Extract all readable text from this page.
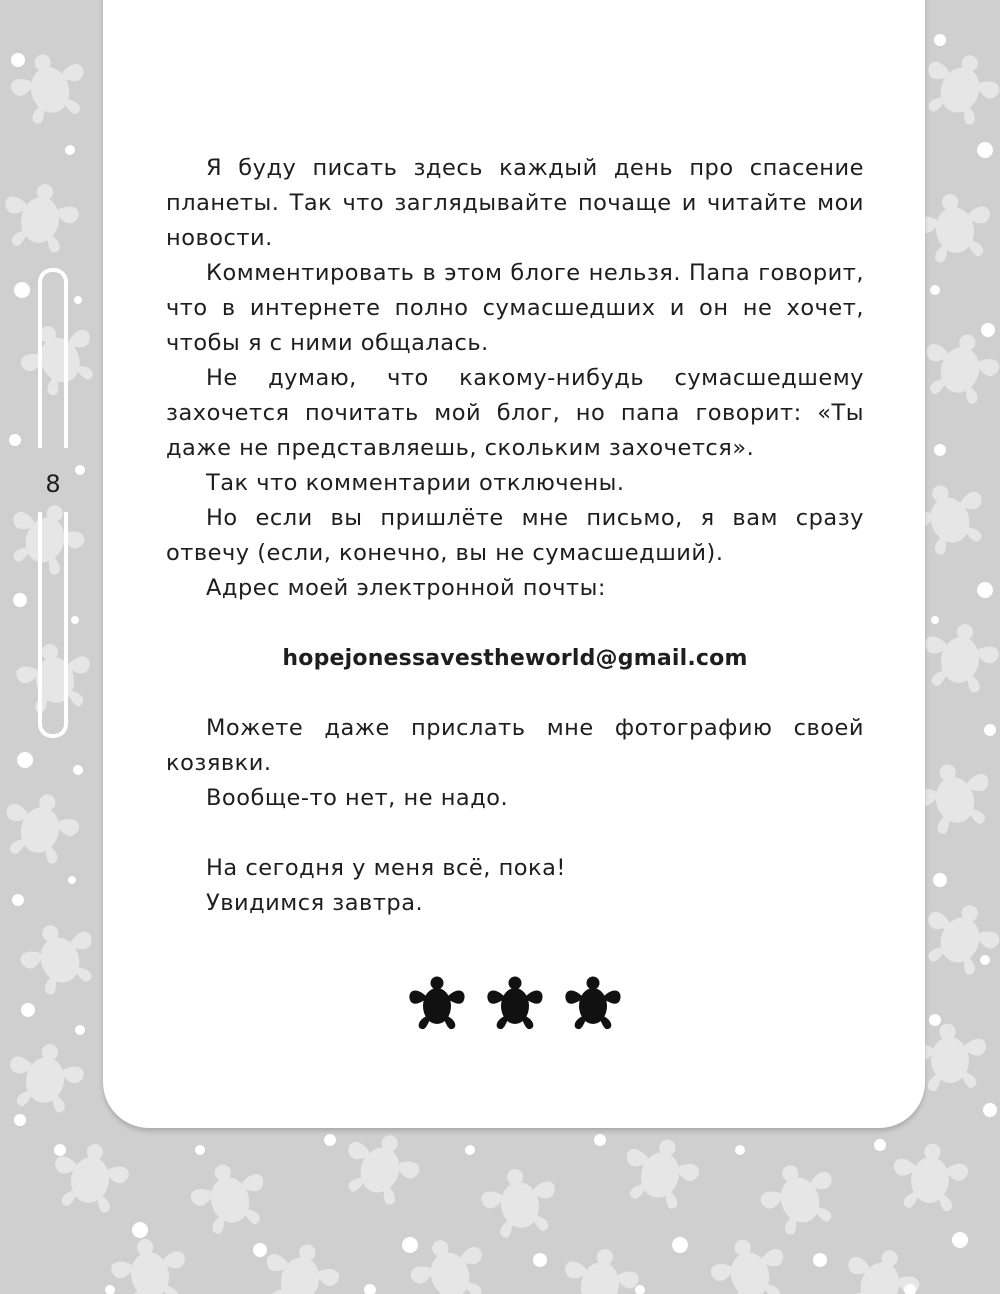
8

Я буду писать здесь каждый день про спасение планеты. Так что заглядывайте почаще и читайте мои новости.

Комментировать в этом блоге нельзя. Папа говорит, что в интернете полно сумасшедших и он не хочет, чтобы я с ними общалась.

Не думаю, что какому-нибудь сумасшедшему захочется почитать мой блог, но папа говорит: «Ты даже не представляешь, скольким захочется».

Так что комментарии отключены.

Но если вы пришлёте мне письмо, я вам сразу отвечу (если, конечно, вы не сумасшедший).

Адрес моей электронной почты:

hopejonessavestheworld@gmail.com

Можете даже прислать мне фотографию своей козявки.

Вообще-то нет, не надо.

На сегодня у меня всё, пока!

Увидимся завтра.
